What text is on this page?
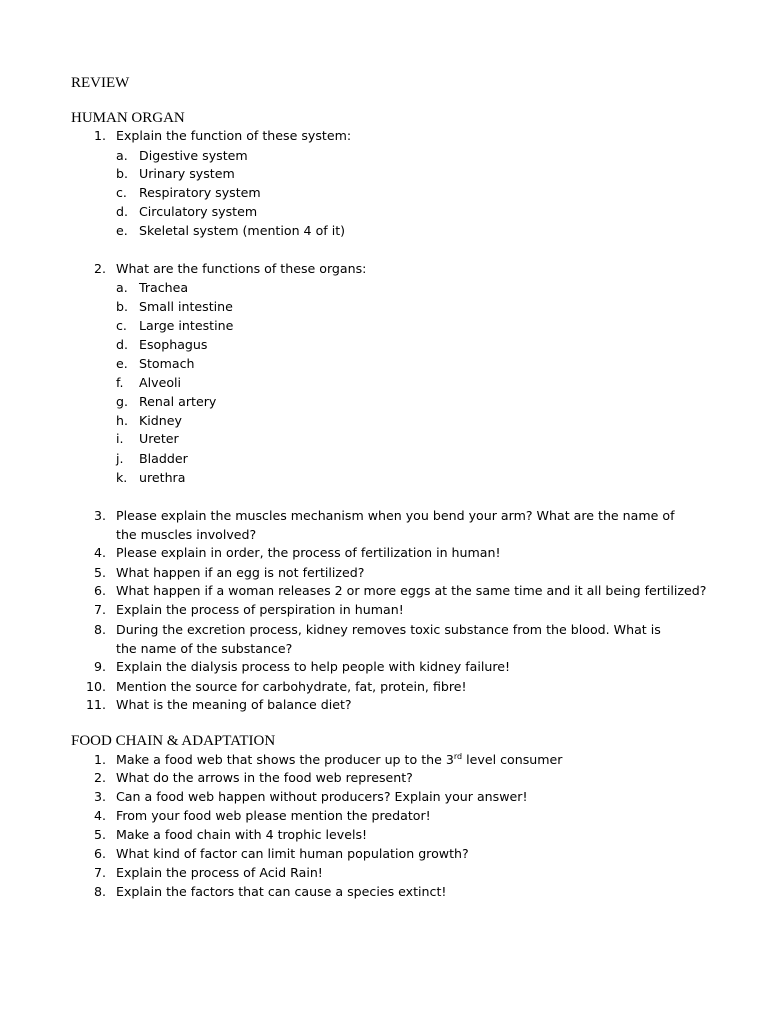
REVIEW
HUMAN ORGAN
1. Explain the function of these system:
a. Digestive system
b. Urinary system
c. Respiratory system
d. Circulatory system
e. Skeletal system (mention 4 of it)
2. What are the functions of these organs:
a. Trachea
b. Small intestine
c. Large intestine
d. Esophagus
e. Stomach
f.	Alveoli
g. Renal artery
h. Kidney
i.	Ureter
j.	Bladder
k. urethra
3. Please explain the muscles mechanism when you bend your arm? What are the name of the muscles involved?
4. Please explain in order, the process of fertilization in human!
5. What happen if an egg is not fertilized?
6. What happen if a woman releases 2 or more eggs at the same time and it all being fertilized?
7. Explain the process of perspiration in human!
8. During the excretion process, kidney removes toxic substance from the blood. What is the name of the substance?
9. Explain the dialysis process to help people with kidney failure!
10. Mention the source for carbohydrate, fat, protein, fibre!
11. What is the meaning of balance diet?
FOOD CHAIN & ADAPTATION
1. Make a food web that shows the producer up to the 3rd level consumer
2. What do the arrows in the food web represent?
3. Can a food web happen without producers? Explain your answer!
4. From your food web please mention the predator!
5. Make a food chain with 4 trophic levels!
6. What kind of factor can limit human population growth?
7. Explain the process of Acid Rain!
8. Explain the factors that can cause a species extinct!
